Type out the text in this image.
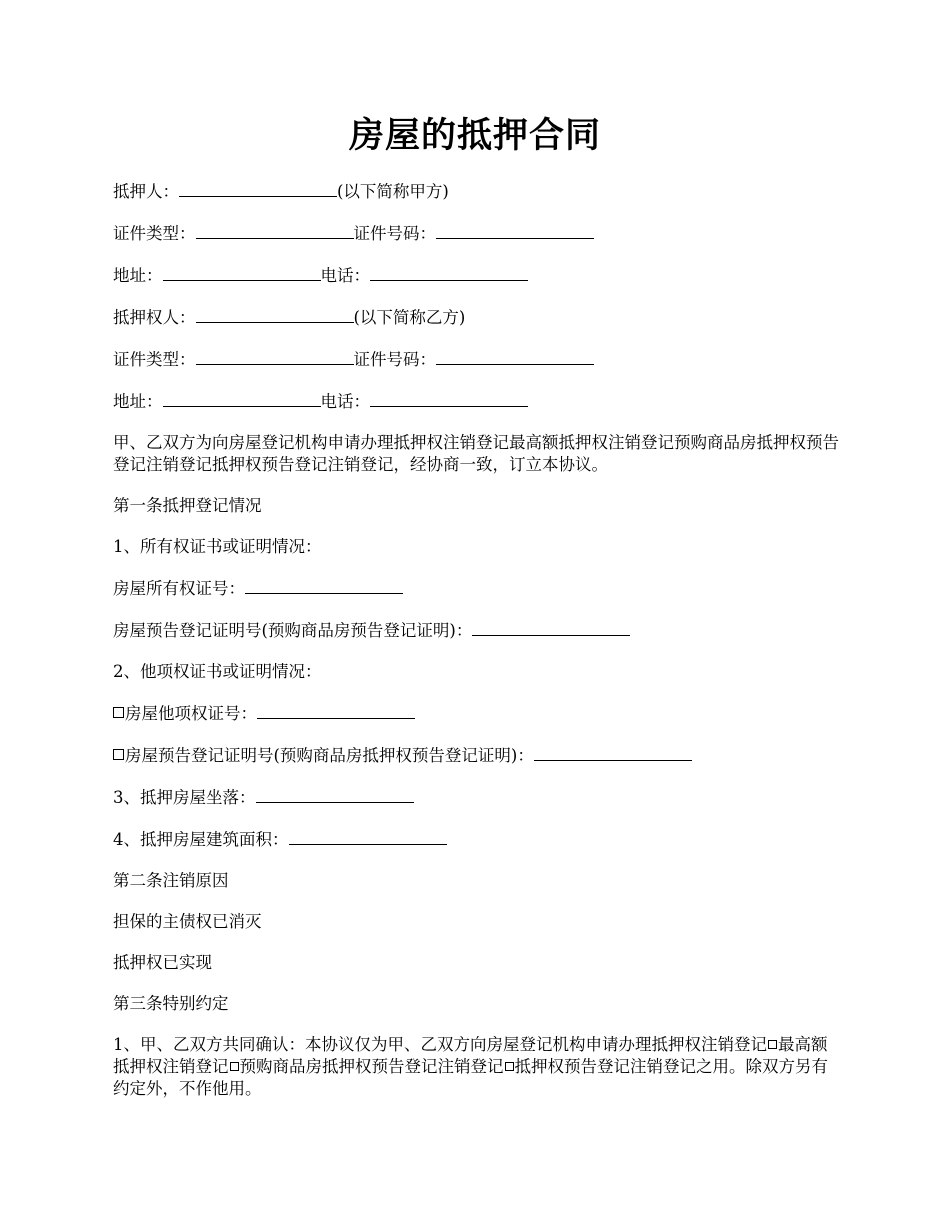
房屋的抵押合同

抵押人：	(以下简称甲方)

证件类型：	证件号码：

地址：	电话：

抵押权人：	(以下简称乙方)

证件类型：	证件号码：

地址：	电话：

甲、乙双方为向房屋登记机构申请办理抵押权注销登记最高额抵押权注销登记预购商品房抵押权预告登记注销登记抵押权预告登记注销登记，经协商一致，订立本协议。

第一条抵押登记情况

1、所有权证书或证明情况：

房屋所有权证号：

房屋预告登记证明号(预购商品房预告登记证明)：

2、他项权证书或证明情况：

房屋他项权证号：

房屋预告登记证明号(预购商品房抵押权预告登记证明)：

3、抵押房屋坐落：

4、抵押房屋建筑面积：

第二条注销原因

担保的主债权已消灭

抵押权已实现

第三条特别约定

1、甲、乙双方共同确认：本协议仅为甲、乙双方向房屋登记机构申请办理抵押权注销登记 最高额抵押权注销登记 预购商品房抵押权预告登记注销登记 抵押权预告登记注销登记之用。除双方另有约定外，不作他用。
